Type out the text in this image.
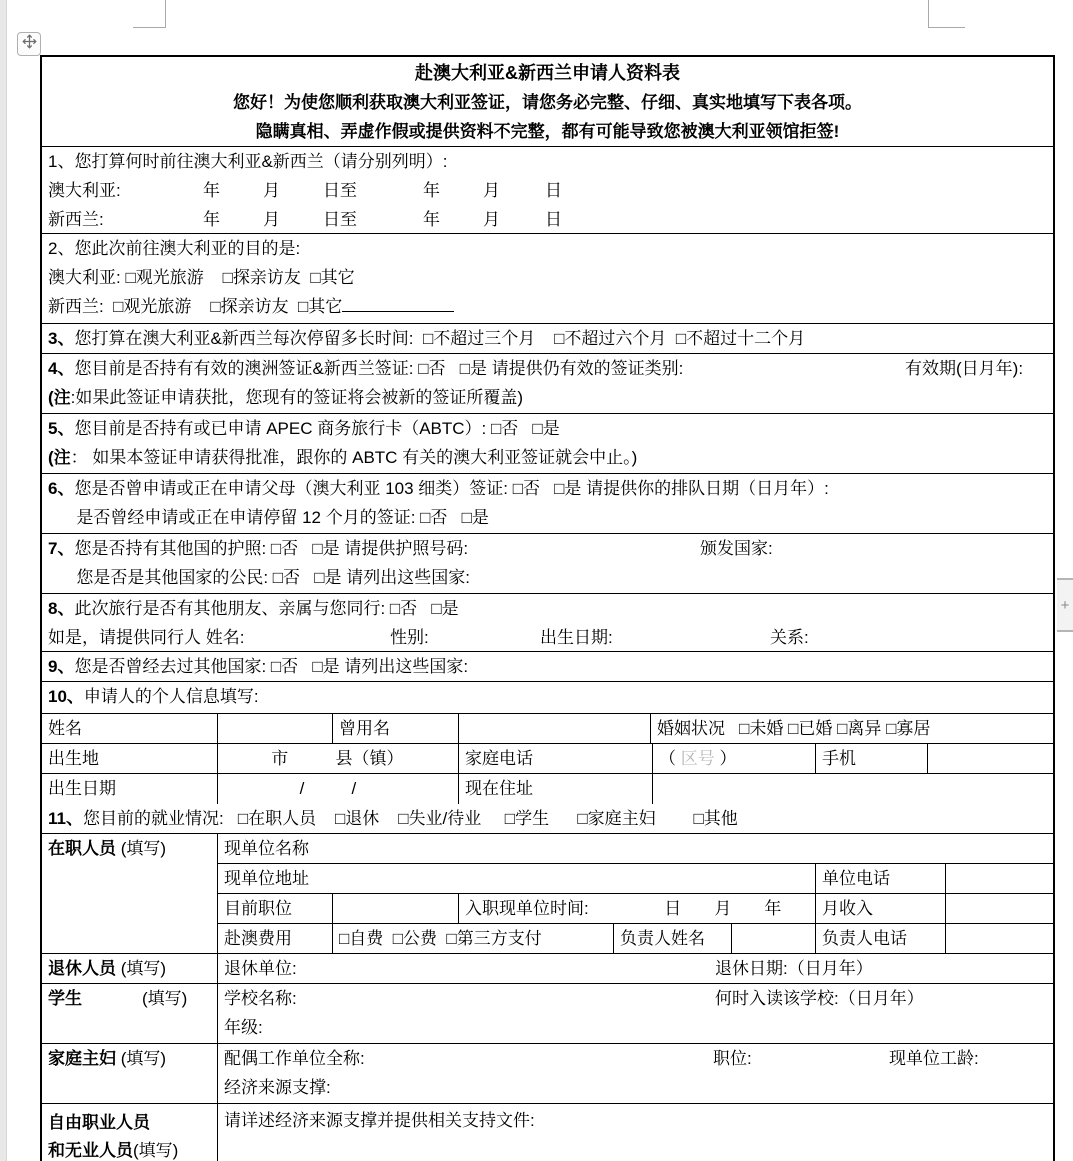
+
赴澳大利亚&新西兰申请人资料表
您好！为使您顺利获取澳大利亚签证，请您务必完整、仔细、真实地填写下表各项。
隐瞒真相、弄虚作假或提供资料不完整，都有可能导致您被澳大利亚领馆拒签!
1、您打算何时前往澳大利亚&新西兰（请分别列明）:
澳大利亚:	年	月	日至	年	月	日
新西兰:	年	月	日至	年	月	日
2、您此次前往澳大利亚的目的是:
澳大利亚: □观光旅游    □探亲访友  □其它
新西兰:  □观光旅游    □探亲访友  □其它
3、您打算在澳大利亚&新西兰每次停留多长时间:  □不超过三个月    □不超过六个月  □不超过十二个月
4、您目前是否持有有效的澳洲签证&新西兰签证: □否   □是 请提供仍有效的签证类别:	有效期(日月年):
(注:如果此签证申请获批，您现有的签证将会被新的签证所覆盖)
5、您目前是否持有或已申请 APEC 商务旅行卡（ABTC）: □否   □是
(注： 如果本签证申请获得批准，跟你的 ABTC 有关的澳大利亚签证就会中止。)
6、您是否曾申请或正在申请父母（澳大利亚 103 细类）签证: □否   □是 请提供你的排队日期（日月年）:
是否曾经申请或正在申请停留 12 个月的签证: □否   □是
7、您是否持有其他国的护照: □否   □是 请提供护照号码:	颁发国家:
您是否是其他国家的公民: □否   □是 请列出这些国家:
8、此次旅行是否有其他朋友、亲属与您同行: □否   □是
如是，请提供同行人 姓名:	性别:	出生日期:	关系:
9、您是否曾经去过其他国家: □否   □是 请列出这些国家:
10、申请人的个人信息填写:
姓名	曾用名	婚姻状况   □未婚 □已婚 □离异 □寡居
出生地	市          县（镇）	家庭电话	（ 区号 ）	手机
出生日期	/          /	现在住址
11、您目前的就业情况:   □在职人员    □退休    □失业/待业     □学生      □家庭主妇        □其他
在职人员 (填写)	现单位名称
现单位地址	单位电话
目前职位	入职现单位时间:                日       月       年	月收入
赴澳费用	□自费  □公费  □第三方支付	负责人姓名	负责人电话
退休人员 (填写)	退休单位:	退休日期:（日月年）
学生	(填写)	学校名称:	何时入读该学校:（日月年）
年级:
家庭主妇 (填写)	配偶工作单位全称:	职位:	现单位工龄:
经济来源支撑:
自由职业人员
和无业人员(填写)
请详述经济来源支撑并提供相关支持文件:
